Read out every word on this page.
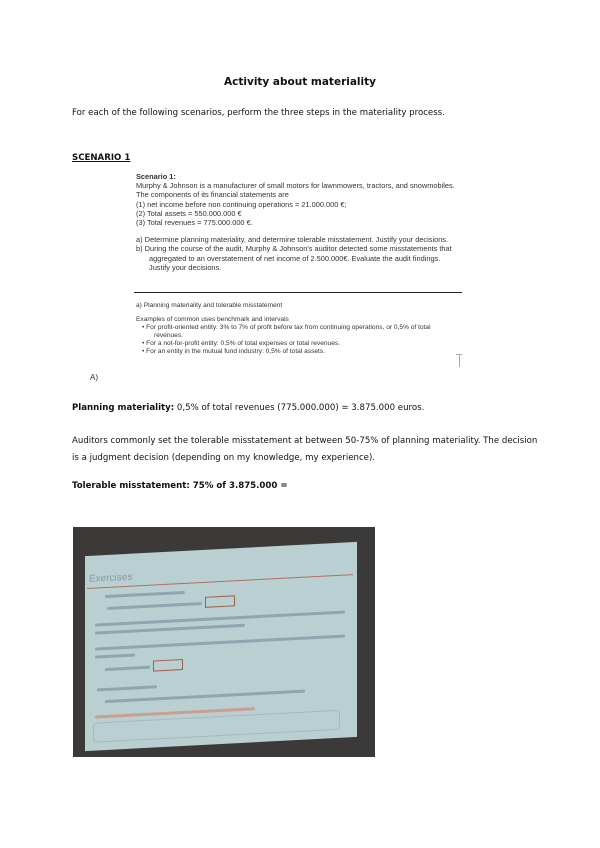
Activity about materiality
For each of the following scenarios, perform the three steps in the materiality process.
SCENARIO 1
Scenario 1:
Murphy & Johnson is a manufacturer of small motors for lawnmowers, tractors, and snowmobiles. The components of its financial statements are
(1) net income before non continuing operations = 21.000.000 €;
(2) Total assets = 550.000.000 €
(3) Total revenues = 775.000.000 €.
a) Determine planning materiality, and determine tolerable misstatement. Justify your decisions.
b) During the course of the audit, Murphy & Johnson's auditor detected some misstatements that aggregated to an overstatement of net income of 2.500.000€. Evaluate the audit findings. Justify your decisions.
a) Planning materiality and tolerable misstatement
Examples of common uses benchmark and intervals
• For profit-oriented entity: 3% to 7% of profit before tax from continuing operations, or 0,5% of total revenues.
• For a not-for-profit entity: 0,5% of total expenses or total revenues.
• For an entity in the mutual fund industry: 0,5% of total assets.
A)
Planning materiality: 0,5% of total revenues (775.000.000) = 3.875.000 euros.
Auditors commonly set the tolerable misstatement at between 50-75% of planning materiality. The decision is a judgment decision (depending on my knowledge, my experience).
Tolerable misstatement: 75% of 3.875.000 =
Exercises
